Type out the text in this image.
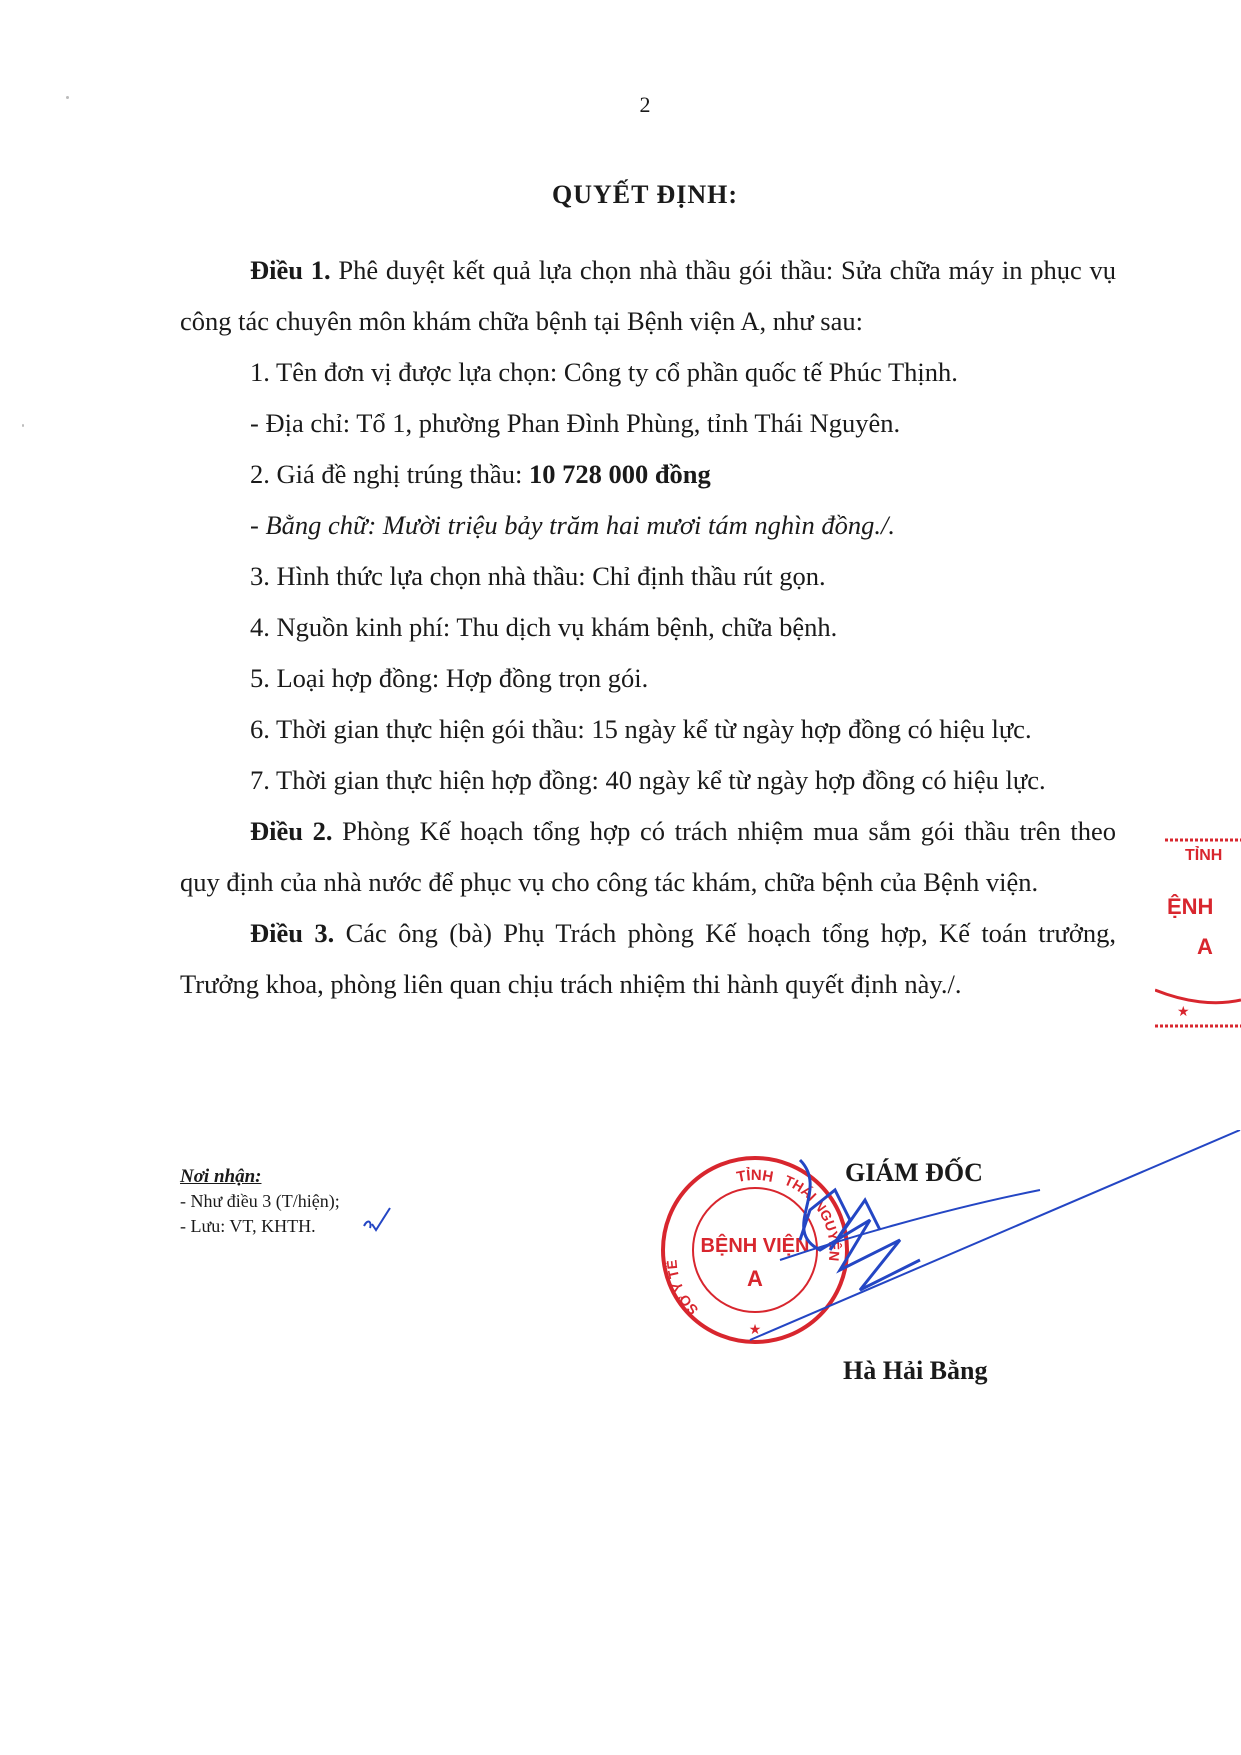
2
QUYẾT ĐỊNH:

Điều 1. Phê duyệt kết quả lựa chọn nhà thầu gói thầu: Sửa chữa máy in phục vụ công tác chuyên môn khám chữa bệnh tại Bệnh viện A, như sau:

1. Tên đơn vị được lựa chọn: Công ty cổ phần quốc tế Phúc Thịnh.

- Địa chỉ: Tổ 1, phường Phan Đình Phùng, tỉnh Thái Nguyên.

2. Giá đề nghị trúng thầu: 10 728 000 đồng

- Bằng chữ: Mười triệu bảy trăm hai mươi tám nghìn đồng./.

3. Hình thức lựa chọn nhà thầu: Chỉ định thầu rút gọn.

4. Nguồn kinh phí: Thu dịch vụ khám bệnh, chữa bệnh.

5. Loại hợp đồng: Hợp đồng trọn gói.

6. Thời gian thực hiện gói thầu: 15 ngày kể từ ngày hợp đồng có hiệu lực.

7. Thời gian thực hiện hợp đồng: 40 ngày kể từ ngày hợp đồng có hiệu lực.

Điều 2. Phòng Kế hoạch tổng hợp có trách nhiệm mua sắm gói thầu trên theo quy định của nhà nước để phục vụ cho công tác khám, chữa bệnh của Bệnh viện.

Điều 3. Các ông (bà) Phụ Trách phòng Kế hoạch tổng hợp, Kế toán trưởng, Trưởng khoa, phòng liên quan chịu trách nhiệm thi hành quyết định này./.

Nơi nhận:
- Như điều 3 (T/hiện);
- Lưu: VT, KHTH.
GIÁM ĐỐC
TỈNH THÁI NGUYÊN
SỞ Y TẾ
BỆNH VIỆN
A
★
Hà Hải Bằng
TỈNH
ỆNH
A
★
